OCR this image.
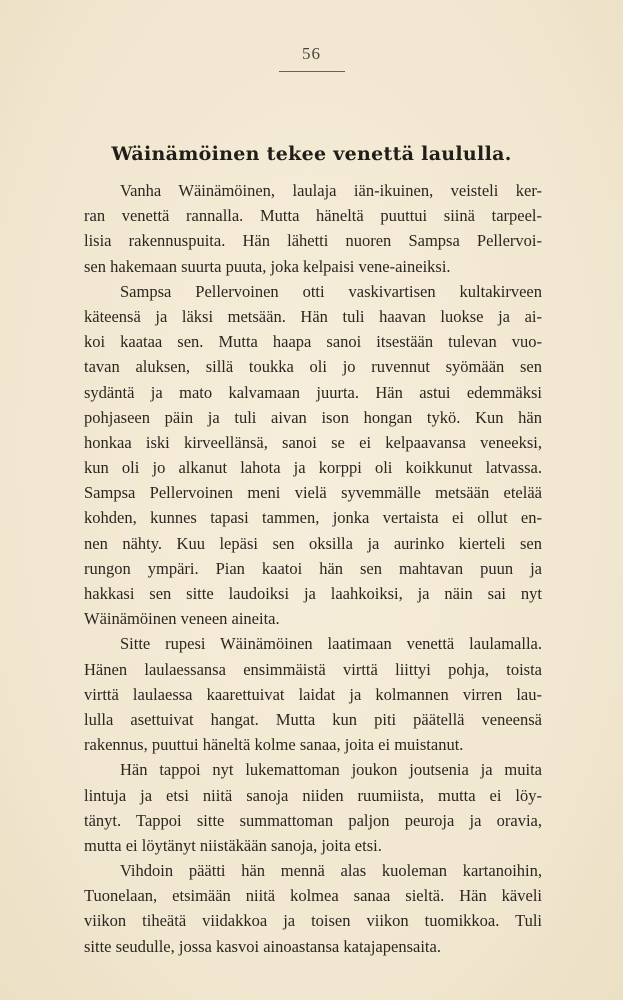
56
Wäinämöinen tekee venettä laululla.
Vanha Wäinämöinen, laulaja iän-ikuinen, veisteli ker-
ran venettä rannalla. Mutta häneltä puuttui siinä tarpeel-
lisia rakennuspuita. Hän lähetti nuoren Sampsa Pellervoi-
sen hakemaan suurta puuta, joka kelpaisi vene-aineiksi.
Sampsa Pellervoinen otti vaskivartisen kultakirveen
käteensä ja läksi metsään. Hän tuli haavan luokse ja ai-
koi kaataa sen. Mutta haapa sanoi itsestään tulevan vuo-
tavan aluksen, sillä toukka oli jo ruvennut syömään sen
sydäntä ja mato kalvamaan juurta. Hän astui edemmäksi
pohjaseen päin ja tuli aivan ison hongan tykö. Kun hän
honkaa iski kirveellänsä, sanoi se ei kelpaavansa veneeksi,
kun oli jo alkanut lahota ja korppi oli koikkunut latvassa.
Sampsa Pellervoinen meni vielä syvemmälle metsään etelää
kohden, kunnes tapasi tammen, jonka vertaista ei ollut en-
nen nähty. Kuu lepäsi sen oksilla ja aurinko kierteli sen
rungon ympäri. Pian kaatoi hän sen mahtavan puun ja
hakkasi sen sitte laudoiksi ja laahkoiksi, ja näin sai nyt
Wäinämöinen veneen aineita.
Sitte rupesi Wäinämöinen laatimaan venettä laulamalla.
Hänen laulaessansa ensimmäistä virttä liittyi pohja, toista
virttä laulaessa kaarettuivat laidat ja kolmannen virren lau-
lulla asettuivat hangat. Mutta kun piti päätellä veneensä
rakennus, puuttui häneltä kolme sanaa, joita ei muistanut.
Hän tappoi nyt lukemattoman joukon joutsenia ja muita
lintuja ja etsi niitä sanoja niiden ruumiista, mutta ei löy-
tänyt. Tappoi sitte summattoman paljon peuroja ja oravia,
mutta ei löytänyt niistäkään sanoja, joita etsi.
Vihdoin päätti hän mennä alas kuoleman kartanoihin,
Tuonelaan, etsimään niitä kolmea sanaa sieltä. Hän käveli
viikon tiheätä viidakkoa ja toisen viikon tuomikkoa. Tuli
sitte seudulle, jossa kasvoi ainoastansa katajapensaita.
